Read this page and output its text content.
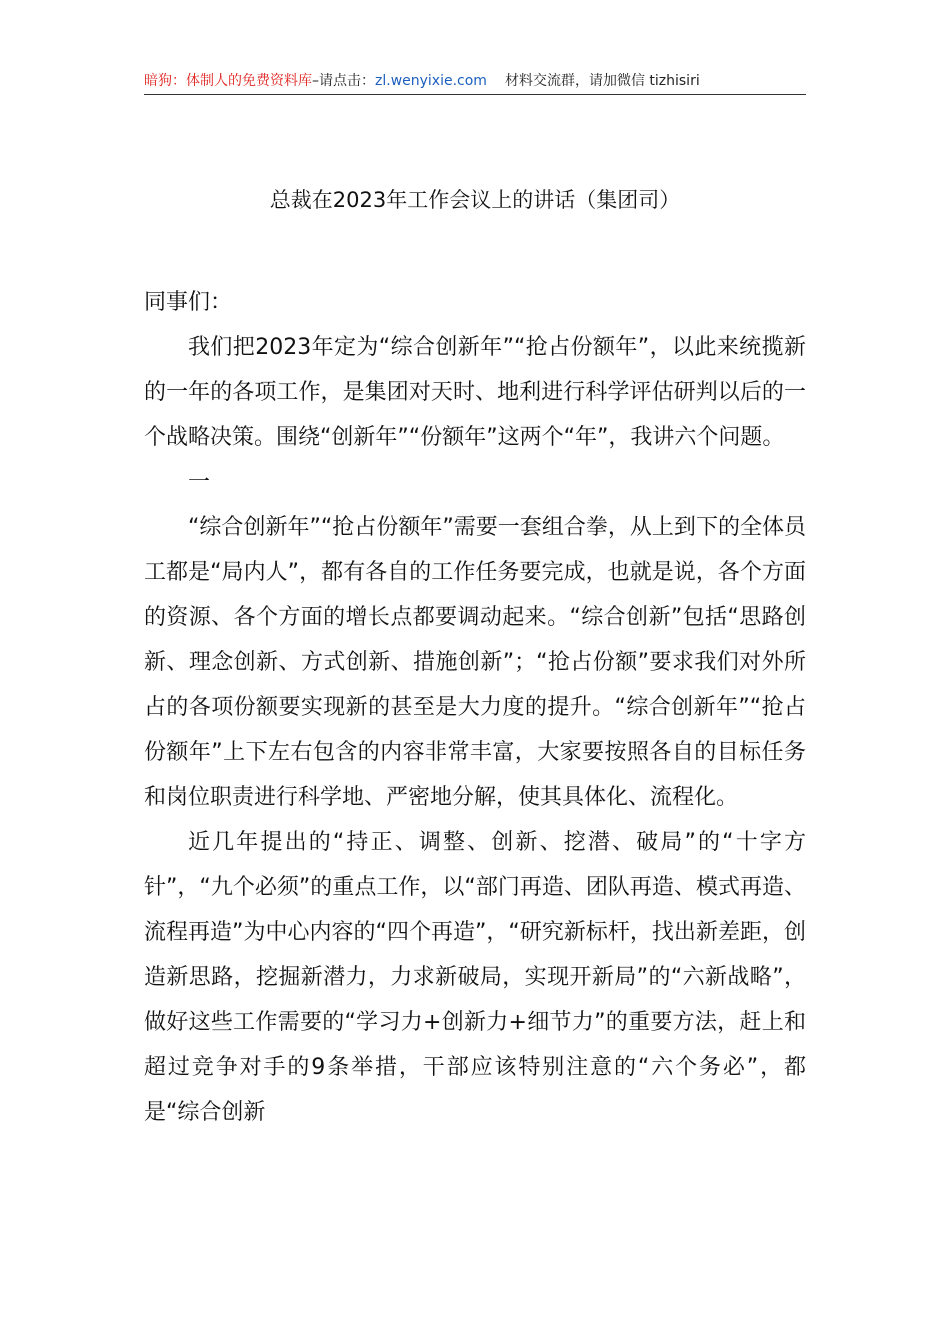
暗狗：体制人的免费资料库–请点击：zl.wenyixie.com 材料交流群，请加微信 tizhisiri
总裁在2023年工作会议上的讲话（集团司）

同事们：

我们把2023年定为“综合创新年”“抢占份额年”，以此来统揽新的一年的各项工作，是集团对天时、地利进行科学评估研判以后的一个战略决策。围绕“创新年”“份额年”这两个“年”，我讲六个问题。

一

“综合创新年”“抢占份额年”需要一套组合拳，从上到下的全体员工都是“局内人”，都有各自的工作任务要完成，也就是说，各个方面的资源、各个方面的增长点都要调动起来。“综合创新”包括“思路创新、理念创新、方式创新、措施创新”；“抢占份额”要求我们对外所占的各项份额要实现新的甚至是大力度的提升。“综合创新年”“抢占份额年”上下左右包含的内容非常丰富，大家要按照各自的目标任务和岗位职责进行科学地、严密地分解，使其具体化、流程化。

近几年提出的“持正、调整、创新、挖潜、破局”的“十字方针”，“九个必须”的重点工作，以“部门再造、团队再造、模式再造、流程再造”为中心内容的“四个再造”，“研究新标杆，找出新差距，创造新思路，挖掘新潜力，力求新破局，实现开新局”的“六新战略”，做好这些工作需要的“学习力+创新力+细节力”的重要方法，赶上和超过竞争对手的9条举措，干部应该特别注意的“六个务必”，都是“综合创新
